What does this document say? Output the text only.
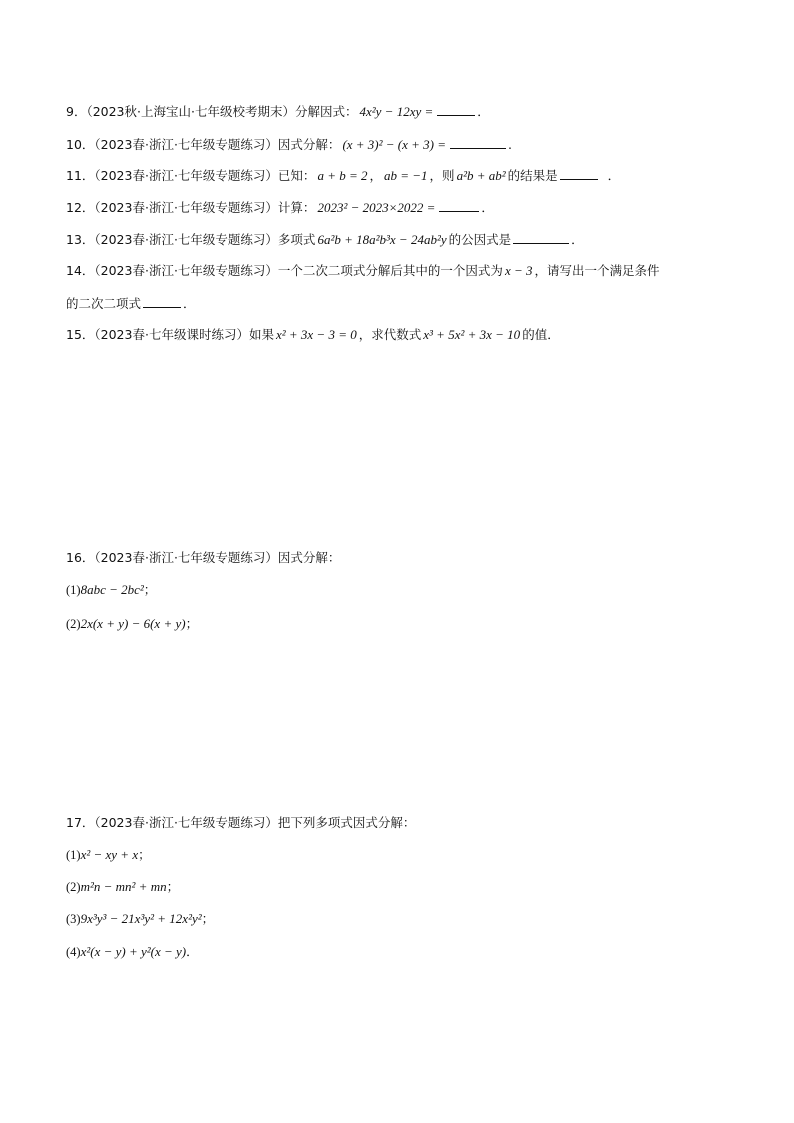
9．（2023秋·上海宝山·七年级校考期末）分解因式： 4x²y − 12xy =	．
10．（2023春·浙江·七年级专题练习）因式分解： (x + 3)² − (x + 3) =	.
11．（2023春·浙江·七年级专题练习）已知： a + b = 2 ， ab = −1 ，则 a²b + ab² 的结果是	．
12．（2023春·浙江·七年级专题练习）计算： 2023² − 2023×2022 =	．
13．（2023春·浙江·七年级专题练习）多项式 6a²b + 18a²b³x − 24ab²y 的公因式是	．
14．（2023春·浙江·七年级专题练习）一个二次二项式分解后其中的一个因式为 x − 3 ，请写出一个满足条件
的二次二项式	．
15．（2023春·七年级课时练习）如果 x² + 3x − 3 = 0 ，求代数式 x³ + 5x² + 3x − 10 的值．
16．（2023春·浙江·七年级专题练习）因式分解：
(1)8abc − 2bc²；
(2)2x(x + y) − 6(x + y)；
17．（2023春·浙江·七年级专题练习）把下列多项式因式分解：
(1)x² − xy + x；
(2)m²n − mn² + mn；
(3)9x³y³ − 21x³y² + 12x²y²；
(4)x²(x − y) + y²(x − y)．
